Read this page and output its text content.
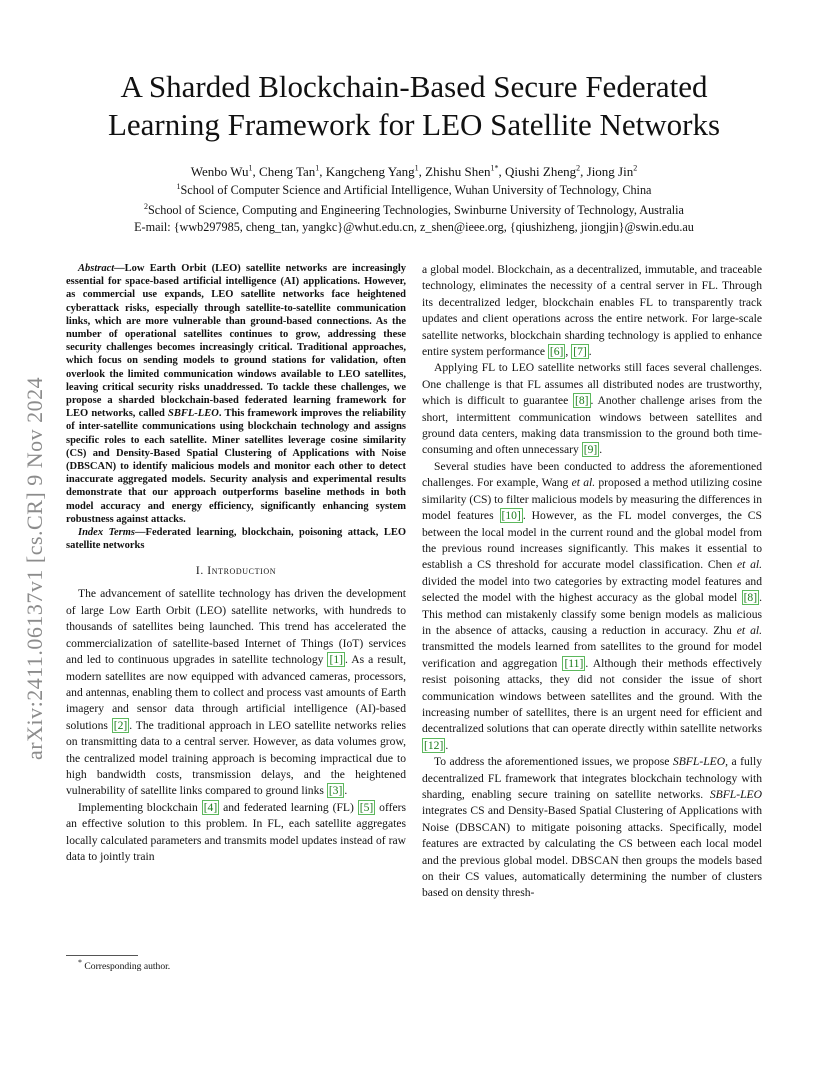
arXiv:2411.06137v1 [cs.CR] 9 Nov 2024
A Sharded Blockchain-Based Secure Federated
Learning Framework for LEO Satellite Networks
Wenbo Wu$^1$, Cheng Tan$^1$, Kangcheng Yang$^1$, Zhishu Shen$^{1*}$, Qiushi Zheng$^2$, Jiong Jin$^2$
$^1$School of Computer Science and Artificial Intelligence, Wuhan University of Technology, China
$^2$School of Science, Computing and Engineering Technologies, Swinburne University of Technology, Australia
E-mail: {wwb297985, cheng_tan, yangkc}@whut.edu.cn, z_shen@ieee.org, {qiushizheng, jiongjin}@swin.edu.au

Abstract—Low Earth Orbit (LEO) satellite networks are increasingly essential for space-based artificial intelligence (AI) applications. However, as commercial use expands, LEO satellite networks face heightened cyberattack risks, especially through satellite-to-satellite communication links, which are more vulnerable than ground-based connections. As the number of operational satellites continues to grow, addressing these security challenges becomes increasingly critical. Traditional approaches, which focus on sending models to ground stations for validation, often overlook the limited communication windows available to LEO satellites, leaving critical security risks unaddressed. To tackle these challenges, we propose a sharded blockchain-based federated learning framework for LEO networks, called SBFL-LEO. This framework improves the reliability of inter-satellite communications using blockchain technology and assigns specific roles to each satellite. Miner satellites leverage cosine similarity (CS) and Density-Based Spatial Clustering of Applications with Noise (DBSCAN) to identify malicious models and monitor each other to detect inaccurate aggregated models. Security analysis and experimental results demonstrate that our approach outperforms baseline methods in both model accuracy and energy efficiency, significantly enhancing system robustness against attacks.

Index Terms—Federated learning, blockchain, poisoning attack, LEO satellite networks

I. Introduction

The advancement of satellite technology has driven the development of large Low Earth Orbit (LEO) satellite networks, with hundreds to thousands of satellites being launched. This trend has accelerated the commercialization of satellite-based Internet of Things (IoT) services and led to continuous upgrades in satellite technology [1] . As a result, modern satellites are now equipped with advanced cameras, processors, and antennas, enabling them to collect and process vast amounts of Earth imagery and sensor data through artificial intelligence (AI)-based solutions [2] . The traditional approach in LEO satellite networks relies on transmitting data to a central server. However, as data volumes grow, the centralized model training approach is becoming impractical due to high bandwidth costs, transmission delays, and the heightened vulnerability of satellite links compared to ground links [3] .

Implementing blockchain [4] and federated learning (FL) [5] offers an effective solution to this problem. In FL, each satellite aggregates locally calculated parameters and transmits model updates instead of raw data to jointly train

* Corresponding author.

a global model. Blockchain, as a decentralized, immutable, and traceable technology, eliminates the necessity of a central server in FL. Through its decentralized ledger, blockchain enables FL to transparently track updates and client operations across the entire network. For large-scale satellite networks, blockchain sharding technology is applied to enhance entire system performance [6] , [7] .

Applying FL to LEO satellite networks still faces several challenges. One challenge is that FL assumes all distributed nodes are trustworthy, which is difficult to guarantee [8] . Another challenge arises from the short, intermittent communication windows between satellites and ground data centers, making data transmission to the ground both time-consuming and often unnecessary [9] .

Several studies have been conducted to address the aforementioned challenges. For example, Wang et al. proposed a method utilizing cosine similarity (CS) to filter malicious models by measuring the differences in model features [10] . However, as the FL model converges, the CS between the local model in the current round and the global model from the previous round increases significantly. This makes it essential to establish a CS threshold for accurate model classification. Chen et al. divided the model into two categories by extracting model features and selected the model with the highest accuracy as the global model [8] . This method can mistakenly classify some benign models as malicious in the absence of attacks, causing a reduction in accuracy. Zhu et al. transmitted the models learned from satellites to the ground for model verification and aggregation [11] . Although their methods effectively resist poisoning attacks, they did not consider the issue of short communication windows between satellites and the ground. With the increasing number of satellites, there is an urgent need for efficient and decentralized solutions that can operate directly within satellite networks [12] .

To address the aforementioned issues, we propose SBFL-LEO, a fully decentralized FL framework that integrates blockchain technology with sharding, enabling secure training on satellite networks. SBFL-LEO integrates CS and Density-Based Spatial Clustering of Applications with Noise (DBSCAN) to mitigate poisoning attacks. Specifically, model features are extracted by calculating the CS between each local model and the previous global model. DBSCAN then groups the models based on their CS values, automatically determining the number of clusters based on density thresh-
